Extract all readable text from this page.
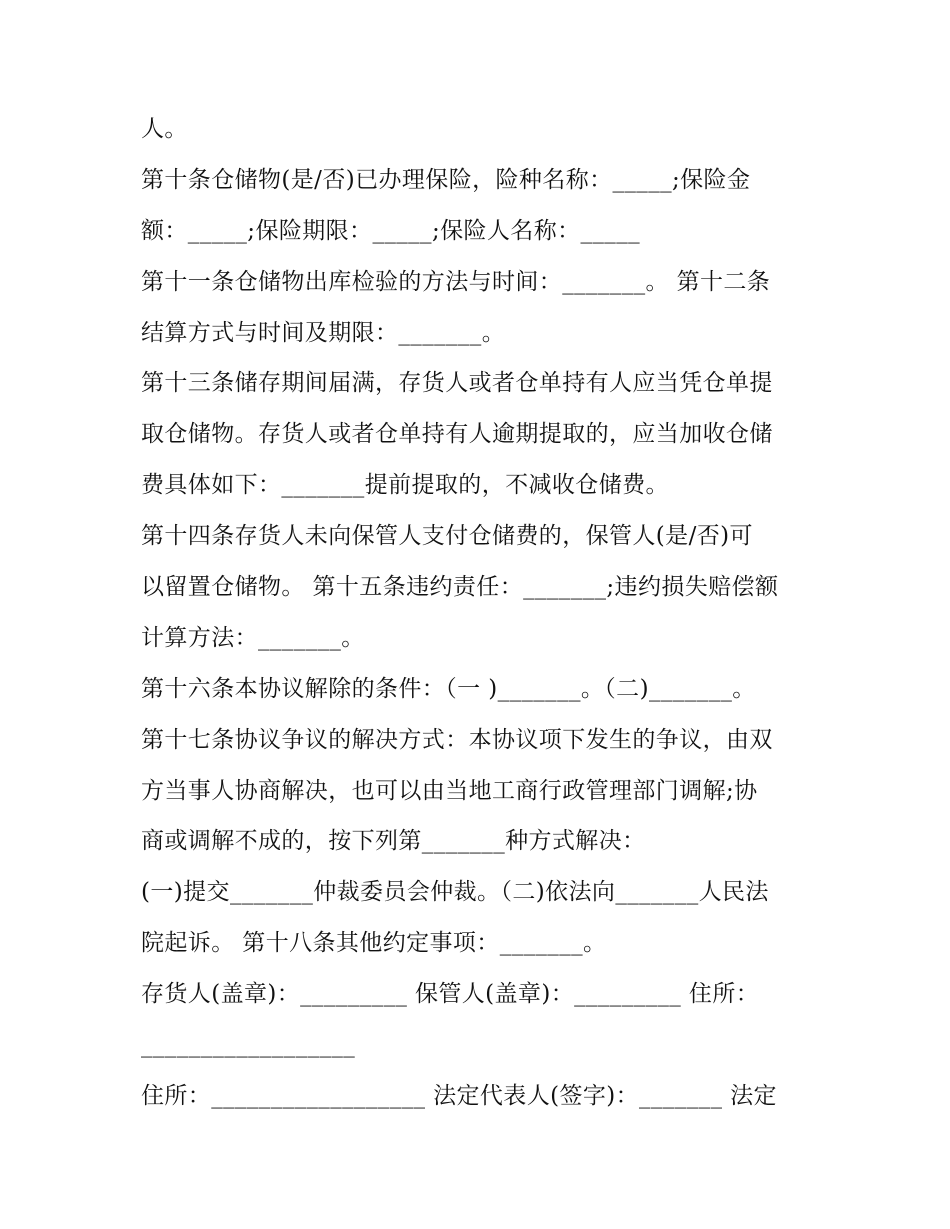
人。
第十条仓储物(是/否)已办理保险，险种名称：_____;保险金
额：_____;保险期限：_____;保险人名称：_____
第十一条仓储物出库检验的方法与时间：_______。 第十二条
结算方式与时间及期限：_______。
第十三条储存期间届满，存货人或者仓单持有人应当凭仓单提
取仓储物。存货人或者仓单持有人逾期提取的，应当加收仓储
费具体如下：_______提前提取的，不减收仓储费。
第十四条存货人未向保管人支付仓储费的，保管人(是/否)可
以留置仓储物。 第十五条违约责任：_______;违约损失赔偿额
计算方法：_______。
第十六条本协议解除的条件：（一 )_______。（二)_______。
第十七条协议争议的解决方式：本协议项下发生的争议，由双
方当事人协商解决，也可以由当地工商行政管理部门调解;协
商或调解不成的，按下列第_______种方式解决：
(一)提交_______仲裁委员会仲裁。（二)依法向_______人民法
院起诉。 第十八条其他约定事项：_______。
存货人(盖章)：_________ 保管人(盖章)：_________ 住所：
__________________
住所：__________________ 法定代表人(签字)：_______ 法定
